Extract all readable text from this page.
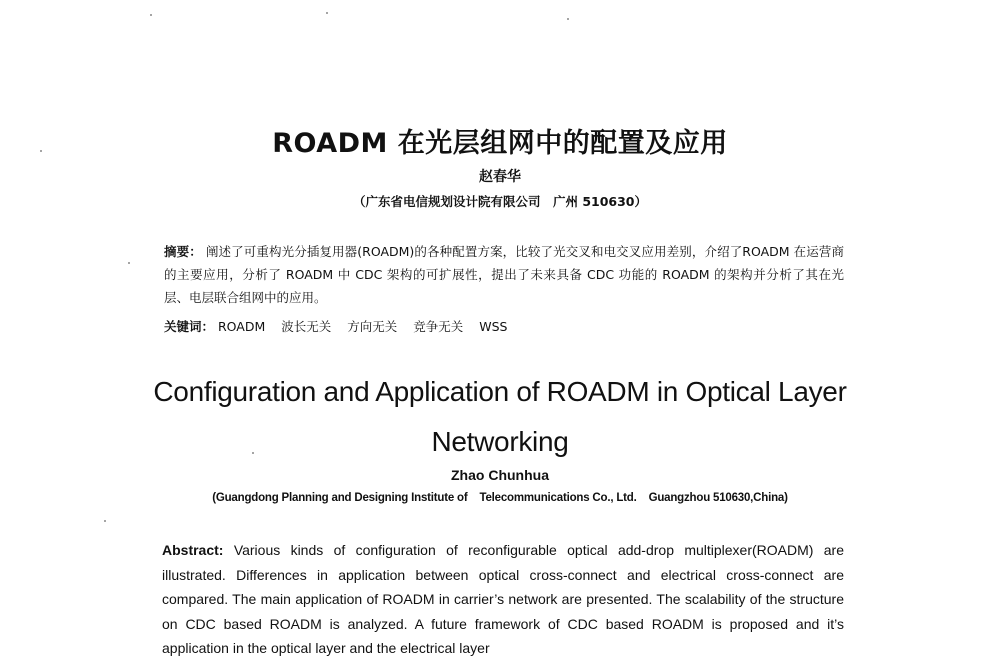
ROADM 在光层组网中的配置及应用
赵春华
（广东省电信规划设计院有限公司　广州 510630）
摘要： 阐述了可重构光分插复用器(ROADM)的各种配置方案，比较了光交叉和电交叉应用差别，介绍了ROADM 在运营商的主要应用，分析了 ROADM 中 CDC 架构的可扩展性，提出了未来具备 CDC 功能的 ROADM 的架构并分析了其在光层、电层联合组网中的应用。
关键词： ROADM 波长无关 方向无关 竞争无关 WSS
Configuration and Application of ROADM in Optical Layer Networking
Zhao Chunhua
(Guangdong Planning and Designing Institute of    Telecommunications Co., Ltd.    Guangzhou 510630,China)
Abstract: Various kinds of configuration of reconfigurable optical add-drop multiplexer(ROADM) are illustrated. Differences in application between optical cross-connect and electrical cross-connect are compared. The main application of ROADM in carrier’s network are presented. The scalability of the structure on CDC based ROADM is analyzed. A future framework of CDC based ROADM is proposed and it’s application in the optical layer and the electrical layer
